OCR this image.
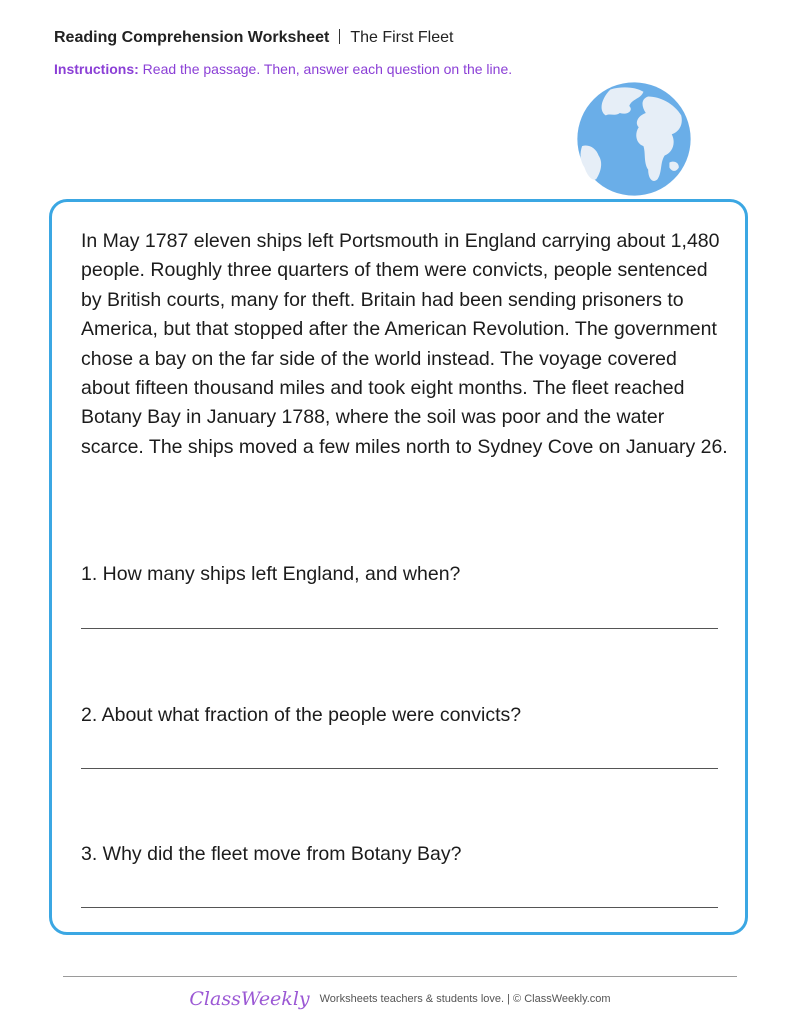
Reading Comprehension Worksheet The First Fleet
Instructions: Read the passage. Then, answer each question on the line.
In May 1787 eleven ships left Portsmouth in England carrying about 1,480 people. Roughly three quarters of them were convicts, people sentenced by British courts, many for theft. Britain had been sending prisoners to America, but that stopped after the American Revolution. The government chose a bay on the far side of the world instead. The voyage covered about fifteen thousand miles and took eight months. The fleet reached Botany Bay in January 1788, where the soil was poor and the water scarce. The ships moved a few miles north to Sydney Cove on January 26.
1. How many ships left England, and when?
2. About what fraction of the people were convicts?
3. Why did the fleet move from Botany Bay?
ClassWeekly Worksheets teachers & students love. | © ClassWeekly.com
